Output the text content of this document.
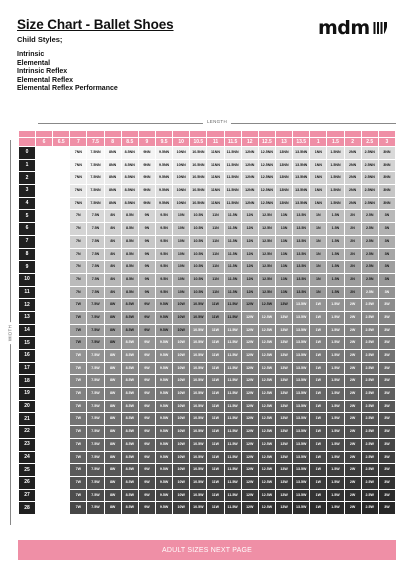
Size Chart - Ballet Shoes
Child Styles;
Intrinsic
Elemental
Intrinsic Reflex
Elemental Reflex
Elemental Reflex Performance
mdm
LENGTH
WIDTH

	6	6.5	7	7.5	8	8.5	9	9.5	10	10.5	11	11.5	12	12.5	13	13.5	1	1.5	2	2.5	3
0			7NN	7.5NN	8NN	8.5NN	9NN	9.5NN	10NN	10.5NN	11NN	11.5NN	12NN	12.5NN	13NN	13.5NN	1NN	1.5NN	2NN	2.5NN	3NN
1			7NN	7.5NN	8NN	8.5NN	9NN	9.5NN	10NN	10.5NN	11NN	11.5NN	12NN	12.5NN	13NN	13.5NN	1NN	1.5NN	2NN	2.5NN	3NN
2			7NN	7.5NN	8NN	8.5NN	9NN	9.5NN	10NN	10.5NN	11NN	11.5NN	12NN	12.5NN	13NN	13.5NN	1NN	1.5NN	2NN	2.5NN	3NN
3			7NN	7.5NN	8NN	8.5NN	9NN	9.5NN	10NN	10.5NN	11NN	11.5NN	12NN	12.5NN	13NN	13.5NN	1NN	1.5NN	2NN	2.5NN	3NN
4			7NN	7.5NN	8NN	8.5NN	9NN	9.5NN	10NN	10.5NN	11NN	11.5NN	12NN	12.5NN	13NN	13.5NN	1NN	1.5NN	2NN	2.5NN	3NN
5			7N	7.5N	8N	8.5N	9N	9.5N	10N	10.5N	11N	11.5N	12N	12.5N	13N	13.5N	1N	1.5N	2N	2.5N	3N
6			7N	7.5N	8N	8.5N	9N	9.5N	10N	10.5N	11N	11.5N	12N	12.5N	13N	13.5N	1N	1.5N	2N	2.5N	3N
7			7N	7.5N	8N	8.5N	9N	9.5N	10N	10.5N	11N	11.5N	12N	12.5N	13N	13.5N	1N	1.5N	2N	2.5N	3N
8			7N	7.5N	8N	8.5N	9N	9.5N	10N	10.5N	11N	11.5N	12N	12.5N	13N	13.5N	1N	1.5N	2N	2.5N	3N
9			7N	7.5N	8N	8.5N	9N	9.5N	10N	10.5N	11N	11.5N	12N	12.5N	13N	13.5N	1N	1.5N	2N	2.5N	3N
10			7N	7.5N	8N	8.5N	9N	9.5N	10N	10.5N	11N	11.5N	12N	12.5N	13N	13.5N	1N	1.5N	2N	2.5N	3N
11			7N	7.5N	8N	8.5N	9N	9.5N	10N	10.5N	11N	11.5N	12N	12.5N	13N	13.5N	1N	1.5N	2N	2.5N	3N
12			7W	7.5W	8W	8.5W	9W	9.5W	10W	10.5W	11W	11.5W	12W	12.5W	13W	13.5W	1W	1.5W	2W	2.5W	3W
13			7W	7.5W	8W	8.5W	9W	9.5W	10W	10.5W	11W	11.5W	12W	12.5W	13W	13.5W	1W	1.5W	2W	2.5W	3W
14			7W	7.5W	8W	8.5W	9W	9.5W	10W	10.5W	11W	11.5W	12W	12.5W	13W	13.5W	1W	1.5W	2W	2.5W	3W
15			7W	7.5W	8W	8.5W	9W	9.5W	10W	10.5W	11W	11.5W	12W	12.5W	13W	13.5W	1W	1.5W	2W	2.5W	3W
16			7W	7.5W	8W	8.5W	9W	9.5W	10W	10.5W	11W	11.5W	12W	12.5W	13W	13.5W	1W	1.5W	2W	2.5W	3W
17			7W	7.5W	8W	8.5W	9W	9.5W	10W	10.5W	11W	11.5W	12W	12.5W	13W	13.5W	1W	1.5W	2W	2.5W	3W
18			7W	7.5W	8W	8.5W	9W	9.5W	10W	10.5W	11W	11.5W	12W	12.5W	13W	13.5W	1W	1.5W	2W	2.5W	3W
19			7W	7.5W	8W	8.5W	9W	9.5W	10W	10.5W	11W	11.5W	12W	12.5W	13W	13.5W	1W	1.5W	2W	2.5W	3W
20			7W	7.5W	8W	8.5W	9W	9.5W	10W	10.5W	11W	11.5W	12W	12.5W	13W	13.5W	1W	1.5W	2W	2.5W	3W
21			7W	7.5W	8W	8.5W	9W	9.5W	10W	10.5W	11W	11.5W	12W	12.5W	13W	13.5W	1W	1.5W	2W	2.5W	3W
22			7W	7.5W	8W	8.5W	9W	9.5W	10W	10.5W	11W	11.5W	12W	12.5W	13W	13.5W	1W	1.5W	2W	2.5W	3W
23			7W	7.5W	8W	8.5W	9W	9.5W	10W	10.5W	11W	11.5W	12W	12.5W	13W	13.5W	1W	1.5W	2W	2.5W	3W
24			7W	7.5W	8W	8.5W	9W	9.5W	10W	10.5W	11W	11.5W	12W	12.5W	13W	13.5W	1W	1.5W	2W	2.5W	3W
25			7W	7.5W	8W	8.5W	9W	9.5W	10W	10.5W	11W	11.5W	12W	12.5W	13W	13.5W	1W	1.5W	2W	2.5W	3W
26			7W	7.5W	8W	8.5W	9W	9.5W	10W	10.5W	11W	11.5W	12W	12.5W	13W	13.5W	1W	1.5W	2W	2.5W	3W
27			7W	7.5W	8W	8.5W	9W	9.5W	10W	10.5W	11W	11.5W	12W	12.5W	13W	13.5W	1W	1.5W	2W	2.5W	3W
28			7W	7.5W	8W	8.5W	9W	9.5W	10W	10.5W	11W	11.5W	12W	12.5W	13W	13.5W	1W	1.5W	2W	2.5W	3W
ADULT SIZES NEXT PAGE
